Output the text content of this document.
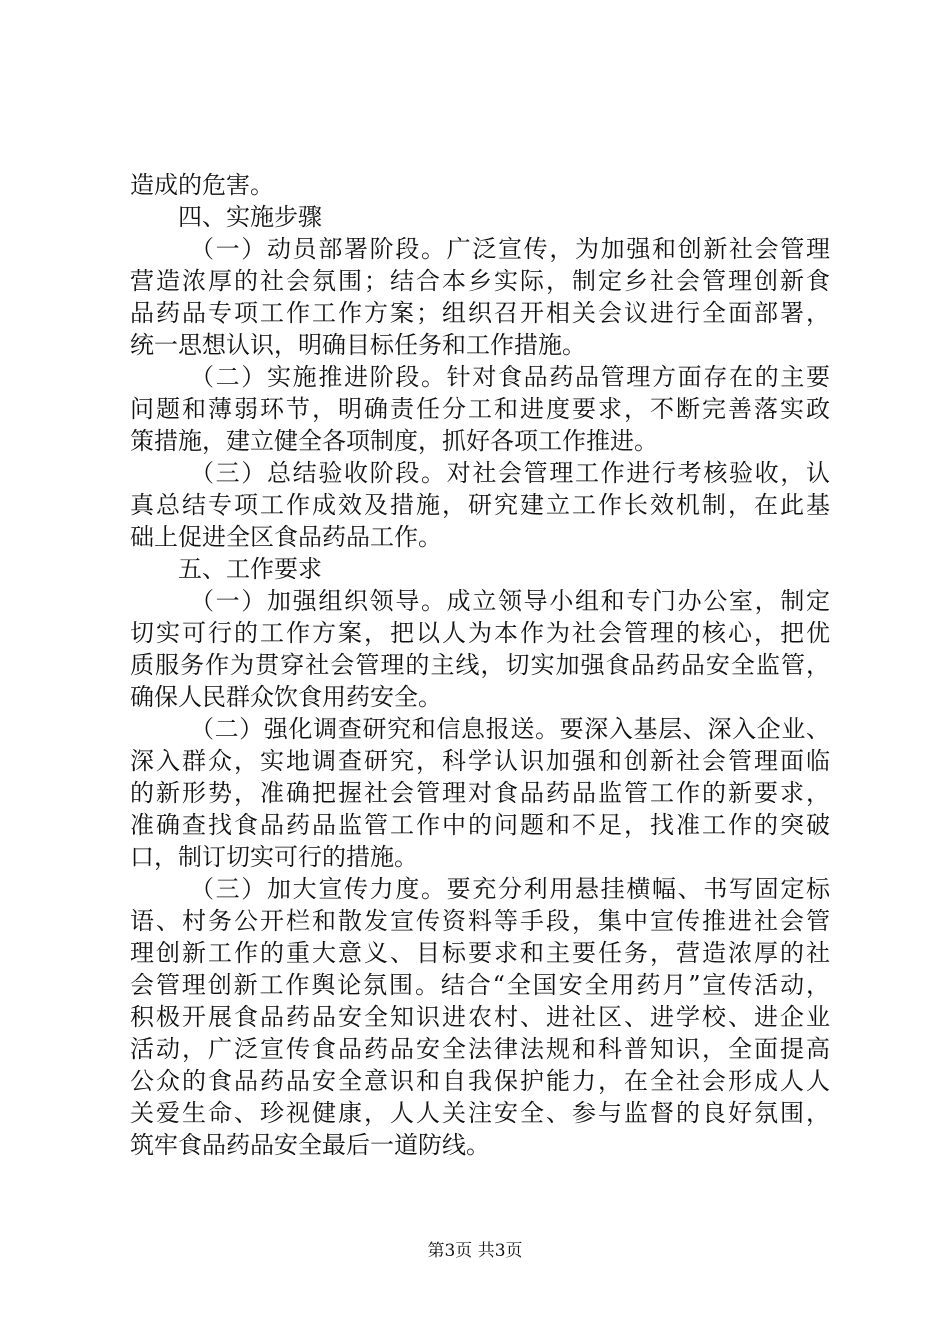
造成的危害。
四、实施步骤
（一）动员部署阶段。广泛宣传，为加强和创新社会管理
营造浓厚的社会氛围；结合本乡实际，制定乡社会管理创新食
品药品专项工作工作方案；组织召开相关会议进行全面部署，
统一思想认识，明确目标任务和工作措施。
（二）实施推进阶段。针对食品药品管理方面存在的主要
问题和薄弱环节，明确责任分工和进度要求，不断完善落实政
策措施，建立健全各项制度，抓好各项工作推进。
（三）总结验收阶段。对社会管理工作进行考核验收，认
真总结专项工作成效及措施，研究建立工作长效机制，在此基
础上促进全区食品药品工作。
五、工作要求
（一）加强组织领导。成立领导小组和专门办公室，制定
切实可行的工作方案，把以人为本作为社会管理的核心，把优
质服务作为贯穿社会管理的主线，切实加强食品药品安全监管，
确保人民群众饮食用药安全。
（二）强化调查研究和信息报送。要深入基层、深入企业、
深入群众，实地调查研究，科学认识加强和创新社会管理面临
的新形势，准确把握社会管理对食品药品监管工作的新要求，
准确查找食品药品监管工作中的问题和不足，找准工作的突破
口，制订切实可行的措施。
（三）加大宣传力度。要充分利用悬挂横幅、书写固定标
语、村务公开栏和散发宣传资料等手段，集中宣传推进社会管
理创新工作的重大意义、目标要求和主要任务，营造浓厚的社
会管理创新工作舆论氛围。结合“全国安全用药月”宣传活动，
积极开展食品药品安全知识进农村、进社区、进学校、进企业
活动，广泛宣传食品药品安全法律法规和科普知识，全面提高
公众的食品药品安全意识和自我保护能力，在全社会形成人人
关爱生命、珍视健康，人人关注安全、参与监督的良好氛围，
筑牢食品药品安全最后一道防线。
第3页 共3页
